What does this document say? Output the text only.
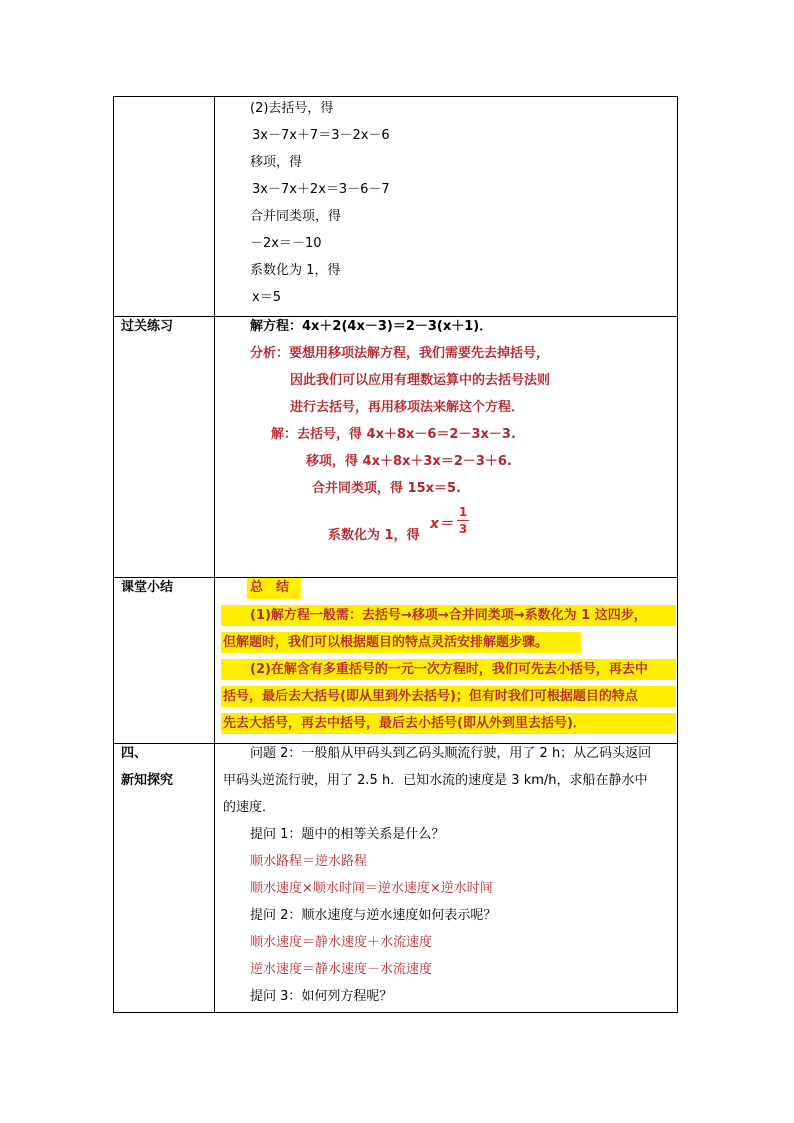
(2)去括号，得
3x－7x＋7＝3－2x－6
移项，得
3x－7x＋2x＝3－6－7
合并同类项，得
－2x＝－10
系数化为 1，得
x＝5
过关练习	解方程：4x＋2(4x－3)＝2－3(x＋1)．
分析：要想用移项法解方程，我们需要先去掉括号，
因此我们可以应用有理数运算中的去括号法则
进行去括号，再用移项法来解这个方程．
解：去括号，得 4x＋8x－6＝2－3x－3.
移项，得 4x＋8x＋3x＝2－3＋6.
合并同类项，得 15x＝5.
系数化为 1，得
x＝
1
3
课堂小结	总　结
(1)解方程一般需：去括号→移项→合并同类项→系数化为 1 这四步，
但解题时，我们可以根据题目的特点灵活安排解题步骤。
(2)在解含有多重括号的一元一次方程时，我们可先去小括号，再去中
括号，最后去大括号(即从里到外去括号)；但有时我们可根据题目的特点
先去大括号，再去中括号，最后去小括号(即从外到里去括号)．
四、
新知探究
问题 2：一般船从甲码头到乙码头顺流行驶，用了 2 h；从乙码头返回
甲码头逆流行驶，用了 2.5 h．已知水流的速度是 3 km/h，求船在静水中
的速度．
提问 1：题中的相等关系是什么？
顺水路程＝逆水路程
顺水速度×顺水时间＝逆水速度×逆水时间
提问 2：顺水速度与逆水速度如何表示呢？
顺水速度＝静水速度＋水流速度
逆水速度＝静水速度－水流速度
提问 3：如何列方程呢？
